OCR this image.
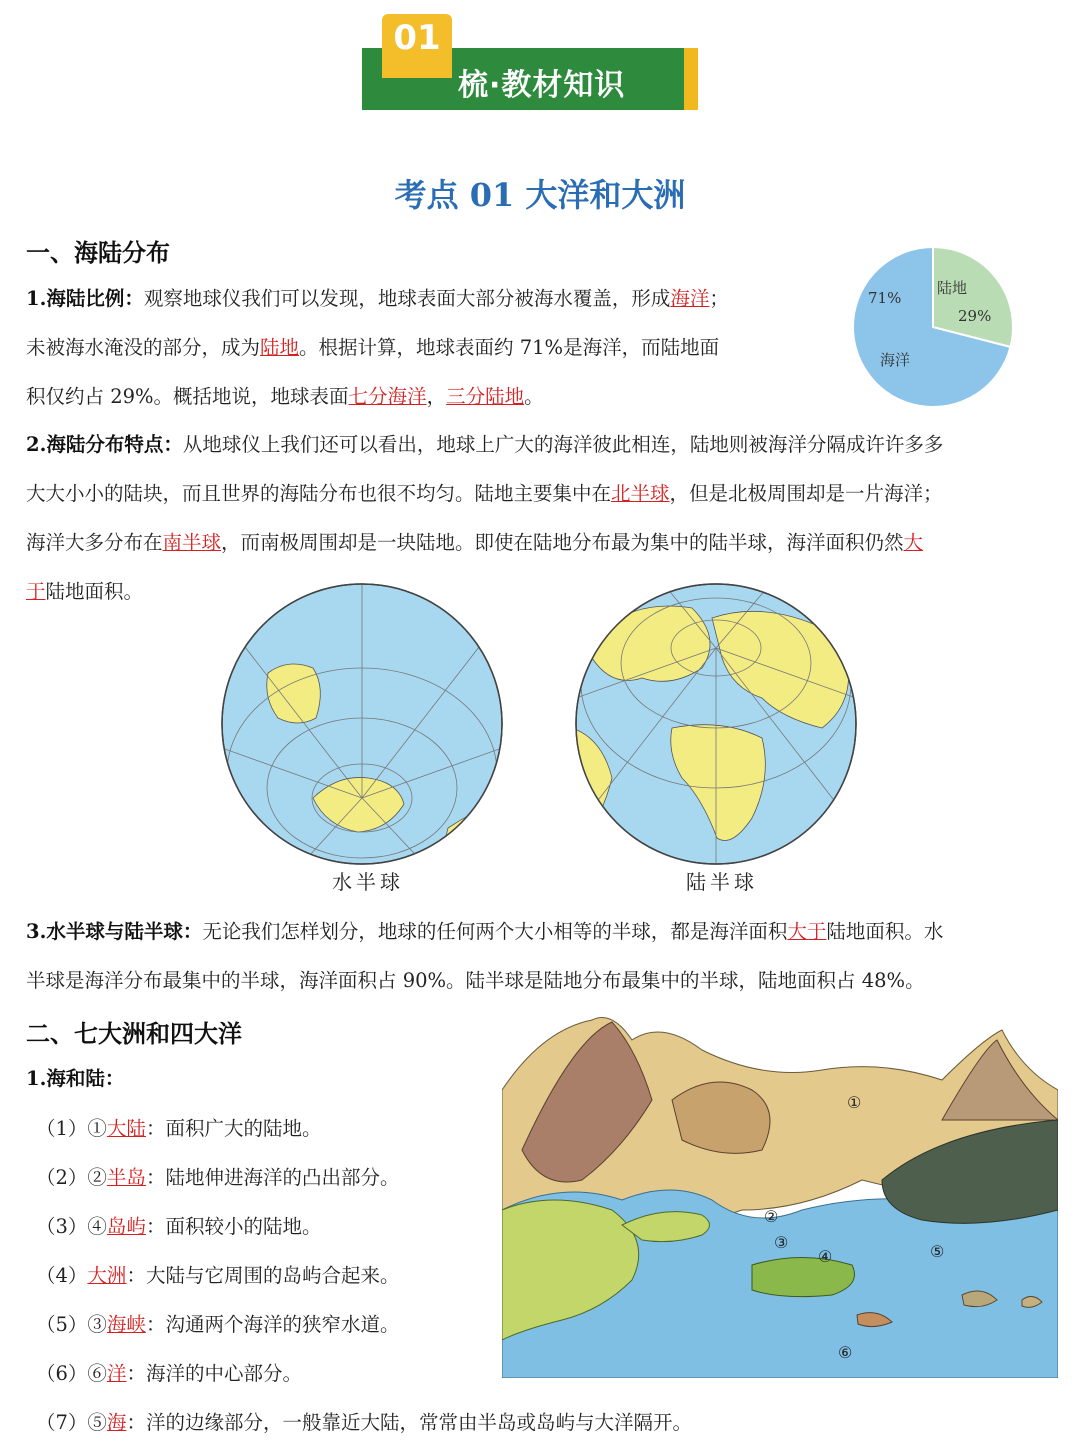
01
梳·教材知识
考点 01 大洋和大洲
一、海陆分布
71%
海洋
陆地
29%
1.海陆比例：观察地球仪我们可以发现，地球表面大部分被海水覆盖，形成海洋；
未被海水淹没的部分，成为陆地。根据计算，地球表面约 71%是海洋，而陆地面
积仅约占 29%。概括地说，地球表面七分海洋，三分陆地。
2.海陆分布特点：从地球仪上我们还可以看出，地球上广大的海洋彼此相连，陆地则被海洋分隔成许许多多
大大小小的陆块，而且世界的海陆分布也很不均匀。陆地主要集中在北半球，但是北极周围却是一片海洋；
海洋大多分布在南半球，而南极周围却是一块陆地。即使在陆地分布最为集中的陆半球，海洋面积仍然大
于陆地面积。
水半球	陆半球
3.水半球与陆半球：无论我们怎样划分，地球的任何两个大小相等的半球，都是海洋面积大于陆地面积。水
半球是海洋分布最集中的半球，海洋面积占 90%。陆半球是陆地分布最集中的半球，陆地面积占 48%。
二、七大洲和四大洋
1.海和陆：
①
②
③
④	⑤
⑥
（1）①大陆：面积广大的陆地。
（2）②半岛：陆地伸进海洋的凸出部分。
（3）④岛屿：面积较小的陆地。
（4）大洲：大陆与它周围的岛屿合起来。
（5）③海峡：沟通两个海洋的狭窄水道。
（6）⑥洋：海洋的中心部分。
（7）⑤海：洋的边缘部分，一般靠近大陆，常常由半岛或岛屿与大洋隔开。
